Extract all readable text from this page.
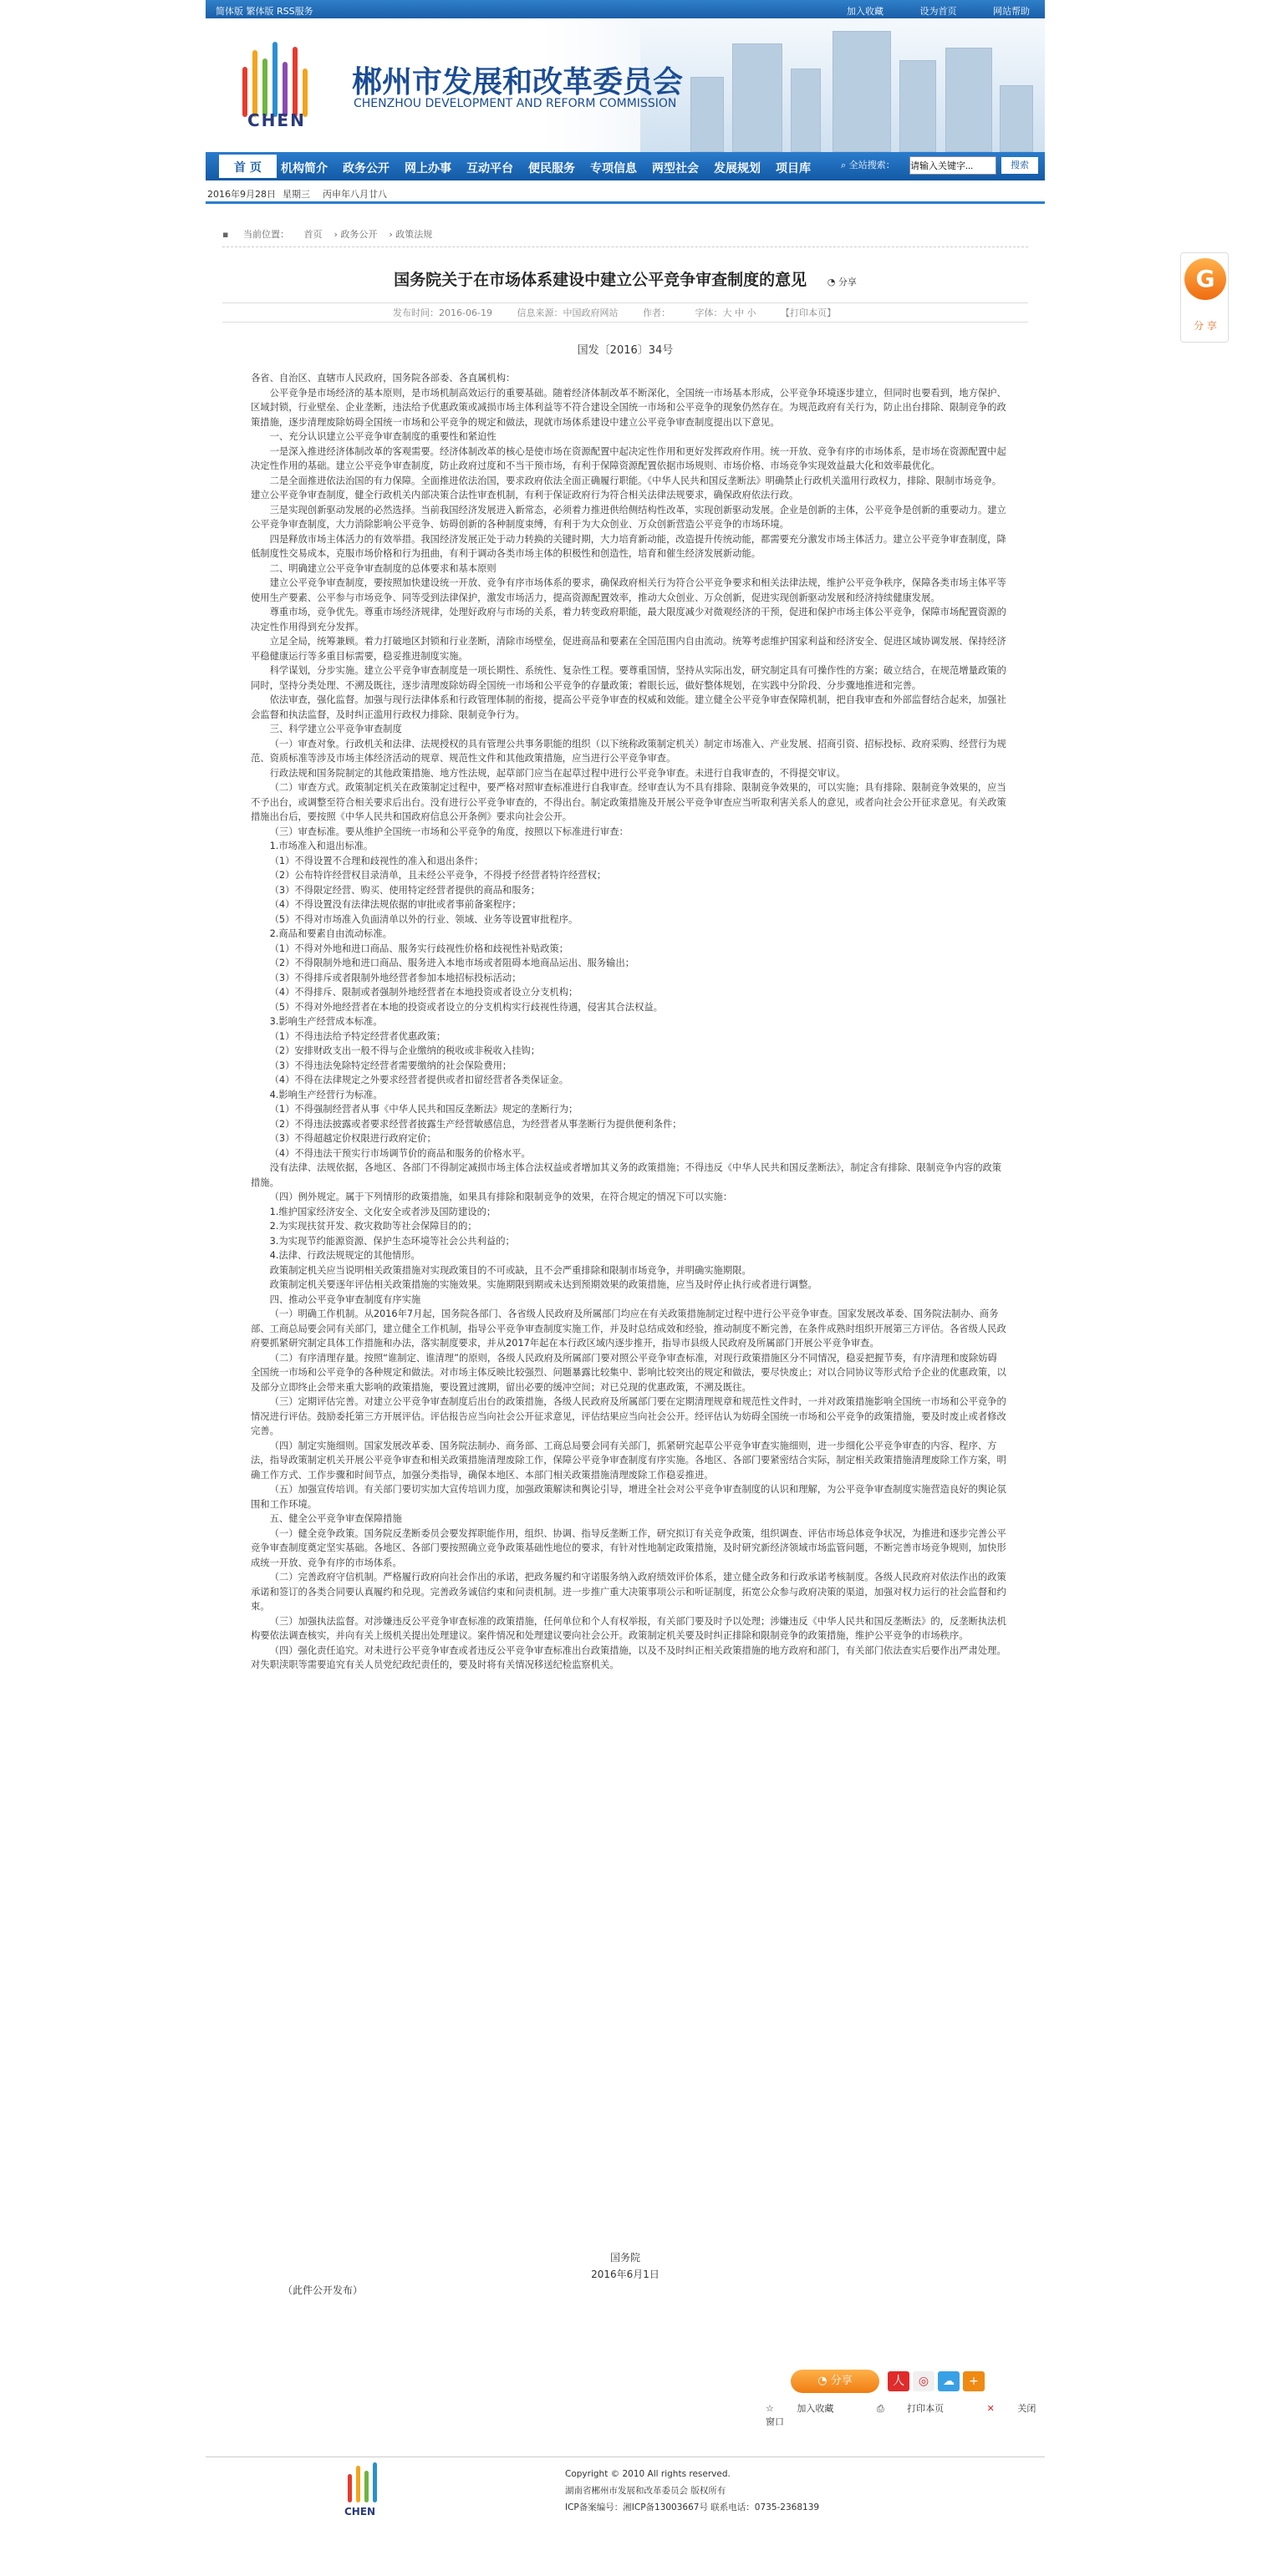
简体版 繁体版 RSS服务	加入收藏	设为首页	网站帮助
CHEN
郴州市发展和改革委员会
CHENZHOU DEVELOPMENT AND REFORM COMMISSION
首 页	机构简介 政务公开 网上办事 互动平台 便民服务 专项信息 两型社会 发展规划 项目库	⌕ 全站搜索：
请输入关键字...	搜索
2016年9月28日 星期三 丙申年八月廿八
▪ 当前位置： 首页 › 政务公开 › 政策法规
国务院关于在市场体系建设中建立公平竞争审查制度的意见 ◔ 分享
发布时间：2016-06-19	信息来源：中国政府网站	作者：	字体：大 中 小	【打印本页】
国发〔2016〕34号

各省、自治区、直辖市人民政府，国务院各部委、各直属机构：

公平竞争是市场经济的基本原则，是市场机制高效运行的重要基础。随着经济体制改革不断深化，全国统一市场基本形成，公平竞争环境逐步建立，但同时也要看到，地方保护、区域封锁，行业壁垒、企业垄断，违法给予优惠政策或减损市场主体利益等不符合建设全国统一市场和公平竞争的现象仍然存在。为规范政府有关行为，防止出台排除、限制竞争的政策措施，逐步清理废除妨碍全国统一市场和公平竞争的规定和做法，现就市场体系建设中建立公平竞争审查制度提出以下意见。

一、充分认识建立公平竞争审查制度的重要性和紧迫性

一是深入推进经济体制改革的客观需要。经济体制改革的核心是使市场在资源配置中起决定性作用和更好发挥政府作用。统一开放、竞争有序的市场体系，是市场在资源配置中起决定性作用的基础。建立公平竞争审查制度，防止政府过度和不当干预市场，有利于保障资源配置依据市场规则、市场价格、市场竞争实现效益最大化和效率最优化。

二是全面推进依法治国的有力保障。全面推进依法治国，要求政府依法全面正确履行职能。《中华人民共和国反垄断法》明确禁止行政机关滥用行政权力，排除、限制市场竞争。建立公平竞争审查制度，健全行政机关内部决策合法性审查机制，有利于保证政府行为符合相关法律法规要求，确保政府依法行政。

三是实现创新驱动发展的必然选择。当前我国经济发展进入新常态，必须着力推进供给侧结构性改革，实现创新驱动发展。企业是创新的主体，公平竞争是创新的重要动力。建立公平竞争审查制度，大力消除影响公平竞争、妨碍创新的各种制度束缚，有利于为大众创业、万众创新营造公平竞争的市场环境。

四是释放市场主体活力的有效举措。我国经济发展正处于动力转换的关键时期，大力培育新动能，改造提升传统动能，都需要充分激发市场主体活力。建立公平竞争审查制度，降低制度性交易成本，克服市场价格和行为扭曲，有利于调动各类市场主体的积极性和创造性，培育和催生经济发展新动能。

二、明确建立公平竞争审查制度的总体要求和基本原则

建立公平竞争审查制度，要按照加快建设统一开放、竞争有序市场体系的要求，确保政府相关行为符合公平竞争要求和相关法律法规，维护公平竞争秩序，保障各类市场主体平等使用生产要素、公平参与市场竞争、同等受到法律保护，激发市场活力，提高资源配置效率，推动大众创业、万众创新，促进实现创新驱动发展和经济持续健康发展。

尊重市场，竞争优先。尊重市场经济规律，处理好政府与市场的关系，着力转变政府职能，最大限度减少对微观经济的干预，促进和保护市场主体公平竞争，保障市场配置资源的决定性作用得到充分发挥。

立足全局，统筹兼顾。着力打破地区封锁和行业垄断，清除市场壁垒，促进商品和要素在全国范围内自由流动。统筹考虑维护国家利益和经济安全、促进区域协调发展、保持经济平稳健康运行等多重目标需要，稳妥推进制度实施。

科学谋划，分步实施。建立公平竞争审查制度是一项长期性、系统性、复杂性工程。要尊重国情，坚持从实际出发，研究制定具有可操作性的方案；破立结合，在规范增量政策的同时，坚持分类处理、不溯及既往，逐步清理废除妨碍全国统一市场和公平竞争的存量政策；着眼长远，做好整体规划，在实践中分阶段、分步骤地推进和完善。

依法审查，强化监督。加强与现行法律体系和行政管理体制的衔接，提高公平竞争审查的权威和效能。建立健全公平竞争审查保障机制，把自我审查和外部监督结合起来，加强社会监督和执法监督，及时纠正滥用行政权力排除、限制竞争行为。

三、科学建立公平竞争审查制度

（一）审查对象。行政机关和法律、法规授权的具有管理公共事务职能的组织（以下统称政策制定机关）制定市场准入、产业发展、招商引资、招标投标、政府采购、经营行为规范、资质标准等涉及市场主体经济活动的规章、规范性文件和其他政策措施，应当进行公平竞争审查。

行政法规和国务院制定的其他政策措施、地方性法规，起草部门应当在起草过程中进行公平竞争审查。未进行自我审查的，不得提交审议。

（二）审查方式。政策制定机关在政策制定过程中，要严格对照审查标准进行自我审查。经审查认为不具有排除、限制竞争效果的，可以实施；具有排除、限制竞争效果的，应当不予出台，或调整至符合相关要求后出台。没有进行公平竞争审查的，不得出台。制定政策措施及开展公平竞争审查应当听取利害关系人的意见，或者向社会公开征求意见。有关政策措施出台后，要按照《中华人民共和国政府信息公开条例》要求向社会公开。

（三）审查标准。要从维护全国统一市场和公平竞争的角度，按照以下标准进行审查：

1.市场准入和退出标准。

（1）不得设置不合理和歧视性的准入和退出条件；

（2）公布特许经营权目录清单，且未经公平竞争，不得授予经营者特许经营权；

（3）不得限定经营、购买、使用特定经营者提供的商品和服务；

（4）不得设置没有法律法规依据的审批或者事前备案程序；

（5）不得对市场准入负面清单以外的行业、领域、业务等设置审批程序。

2.商品和要素自由流动标准。

（1）不得对外地和进口商品、服务实行歧视性价格和歧视性补贴政策；

（2）不得限制外地和进口商品、服务进入本地市场或者阻碍本地商品运出、服务输出；

（3）不得排斥或者限制外地经营者参加本地招标投标活动；

（4）不得排斥、限制或者强制外地经营者在本地投资或者设立分支机构；

（5）不得对外地经营者在本地的投资或者设立的分支机构实行歧视性待遇，侵害其合法权益。

3.影响生产经营成本标准。

（1）不得违法给予特定经营者优惠政策；

（2）安排财政支出一般不得与企业缴纳的税收或非税收入挂钩；

（3）不得违法免除特定经营者需要缴纳的社会保险费用；

（4）不得在法律规定之外要求经营者提供或者扣留经营者各类保证金。

4.影响生产经营行为标准。

（1）不得强制经营者从事《中华人民共和国反垄断法》规定的垄断行为；

（2）不得违法披露或者要求经营者披露生产经营敏感信息，为经营者从事垄断行为提供便利条件；

（3）不得超越定价权限进行政府定价；

（4）不得违法干预实行市场调节价的商品和服务的价格水平。

没有法律、法规依据，各地区、各部门不得制定减损市场主体合法权益或者增加其义务的政策措施；不得违反《中华人民共和国反垄断法》，制定含有排除、限制竞争内容的政策措施。

（四）例外规定。属于下列情形的政策措施，如果具有排除和限制竞争的效果，在符合规定的情况下可以实施：

1.维护国家经济安全、文化安全或者涉及国防建设的；

2.为实现扶贫开发、救灾救助等社会保障目的的；

3.为实现节约能源资源、保护生态环境等社会公共利益的；

4.法律、行政法规规定的其他情形。

政策制定机关应当说明相关政策措施对实现政策目的不可或缺，且不会严重排除和限制市场竞争，并明确实施期限。

政策制定机关要逐年评估相关政策措施的实施效果。实施期限到期或未达到预期效果的政策措施，应当及时停止执行或者进行调整。

四、推动公平竞争审查制度有序实施

（一）明确工作机制。从2016年7月起，国务院各部门、各省级人民政府及所属部门均应在有关政策措施制定过程中进行公平竞争审查。国家发展改革委、国务院法制办、商务部、工商总局要会同有关部门，建立健全工作机制，指导公平竞争审查制度实施工作，并及时总结成效和经验，推动制度不断完善，在条件成熟时组织开展第三方评估。各省级人民政府要抓紧研究制定具体工作措施和办法，落实制度要求，并从2017年起在本行政区域内逐步推开，指导市县级人民政府及所属部门开展公平竞争审查。

（二）有序清理存量。按照“谁制定、谁清理”的原则，各级人民政府及所属部门要对照公平竞争审查标准，对现行政策措施区分不同情况，稳妥把握节奏，有序清理和废除妨碍全国统一市场和公平竞争的各种规定和做法。对市场主体反映比较强烈、问题暴露比较集中、影响比较突出的规定和做法，要尽快废止；对以合同协议等形式给予企业的优惠政策，以及部分立即终止会带来重大影响的政策措施，要设置过渡期，留出必要的缓冲空间；对已兑现的优惠政策，不溯及既往。

（三）定期评估完善。对建立公平竞争审查制度后出台的政策措施，各级人民政府及所属部门要在定期清理规章和规范性文件时，一并对政策措施影响全国统一市场和公平竞争的情况进行评估。鼓励委托第三方开展评估。评估报告应当向社会公开征求意见，评估结果应当向社会公开。经评估认为妨碍全国统一市场和公平竞争的政策措施，要及时废止或者修改完善。

（四）制定实施细则。国家发展改革委、国务院法制办、商务部、工商总局要会同有关部门，抓紧研究起草公平竞争审查实施细则，进一步细化公平竞争审查的内容、程序、方法，指导政策制定机关开展公平竞争审查和相关政策措施清理废除工作，保障公平竞争审查制度有序实施。各地区、各部门要紧密结合实际，制定相关政策措施清理废除工作方案，明确工作方式、工作步骤和时间节点，加强分类指导，确保本地区、本部门相关政策措施清理废除工作稳妥推进。

（五）加强宣传培训。有关部门要切实加大宣传培训力度，加强政策解读和舆论引导，增进全社会对公平竞争审查制度的认识和理解，为公平竞争审查制度实施营造良好的舆论氛围和工作环境。

五、健全公平竞争审查保障措施

（一）健全竞争政策。国务院反垄断委员会要发挥职能作用，组织、协调、指导反垄断工作，研究拟订有关竞争政策，组织调查、评估市场总体竞争状况，为推进和逐步完善公平竞争审查制度奠定坚实基础。各地区、各部门要按照确立竞争政策基础性地位的要求，有针对性地制定政策措施，及时研究新经济领域市场监管问题，不断完善市场竞争规则，加快形成统一开放、竞争有序的市场体系。

（二）完善政府守信机制。严格履行政府向社会作出的承诺，把政务履约和守诺服务纳入政府绩效评价体系，建立健全政务和行政承诺考核制度。各级人民政府对依法作出的政策承诺和签订的各类合同要认真履约和兑现。完善政务诚信约束和问责机制。进一步推广重大决策事项公示和听证制度，拓宽公众参与政府决策的渠道，加强对权力运行的社会监督和约束。

（三）加强执法监督。对涉嫌违反公平竞争审查标准的政策措施，任何单位和个人有权举报，有关部门要及时予以处理；涉嫌违反《中华人民共和国反垄断法》的，反垄断执法机构要依法调查核实，并向有关上级机关提出处理建议。案件情况和处理建议要向社会公开。政策制定机关要及时纠正排除和限制竞争的政策措施，维护公平竞争的市场秩序。

（四）强化责任追究。对未进行公平竞争审查或者违反公平竞争审查标准出台政策措施，以及不及时纠正相关政策措施的地方政府和部门，有关部门依法查实后要作出严肃处理。对失职渎职等需要追究有关人员党纪政纪责任的，要及时将有关情况移送纪检监察机关。

国务院
2016年6月1日
（此件公开发布）
◔ 分享	人	◎	☁	+
☆ 加入收藏	⎙ 打印本页	✕ 关闭窗口
CHEN
Copyright © 2010 All rights reserved.
湖南省郴州市发展和改革委员会 版权所有
ICP备案编号：湘ICP备13003667号 联系电话：0735-2368139
G
分 享
